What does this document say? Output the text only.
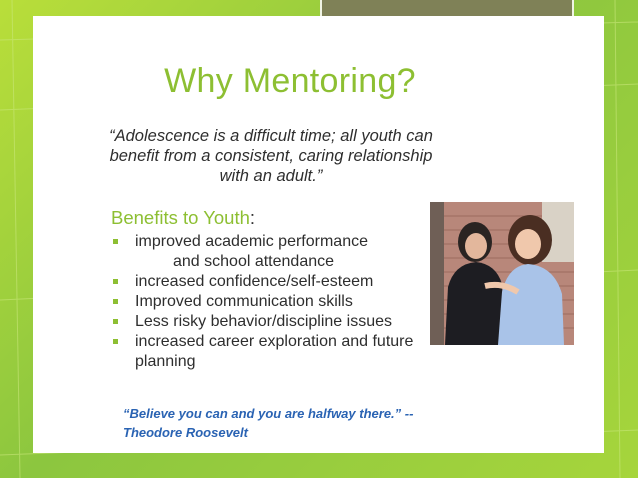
Why Mentoring?
“Adolescence is a difficult time; all youth can benefit from a consistent, caring relationship with an adult.”
Benefits to Youth:
improved academic performance
and school attendance
increased confidence/self-esteem
Improved communication skills
Less risky behavior/discipline issues
increased career exploration and future planning
“Believe you can and you are halfway there.” -- Theodore Roosevelt
